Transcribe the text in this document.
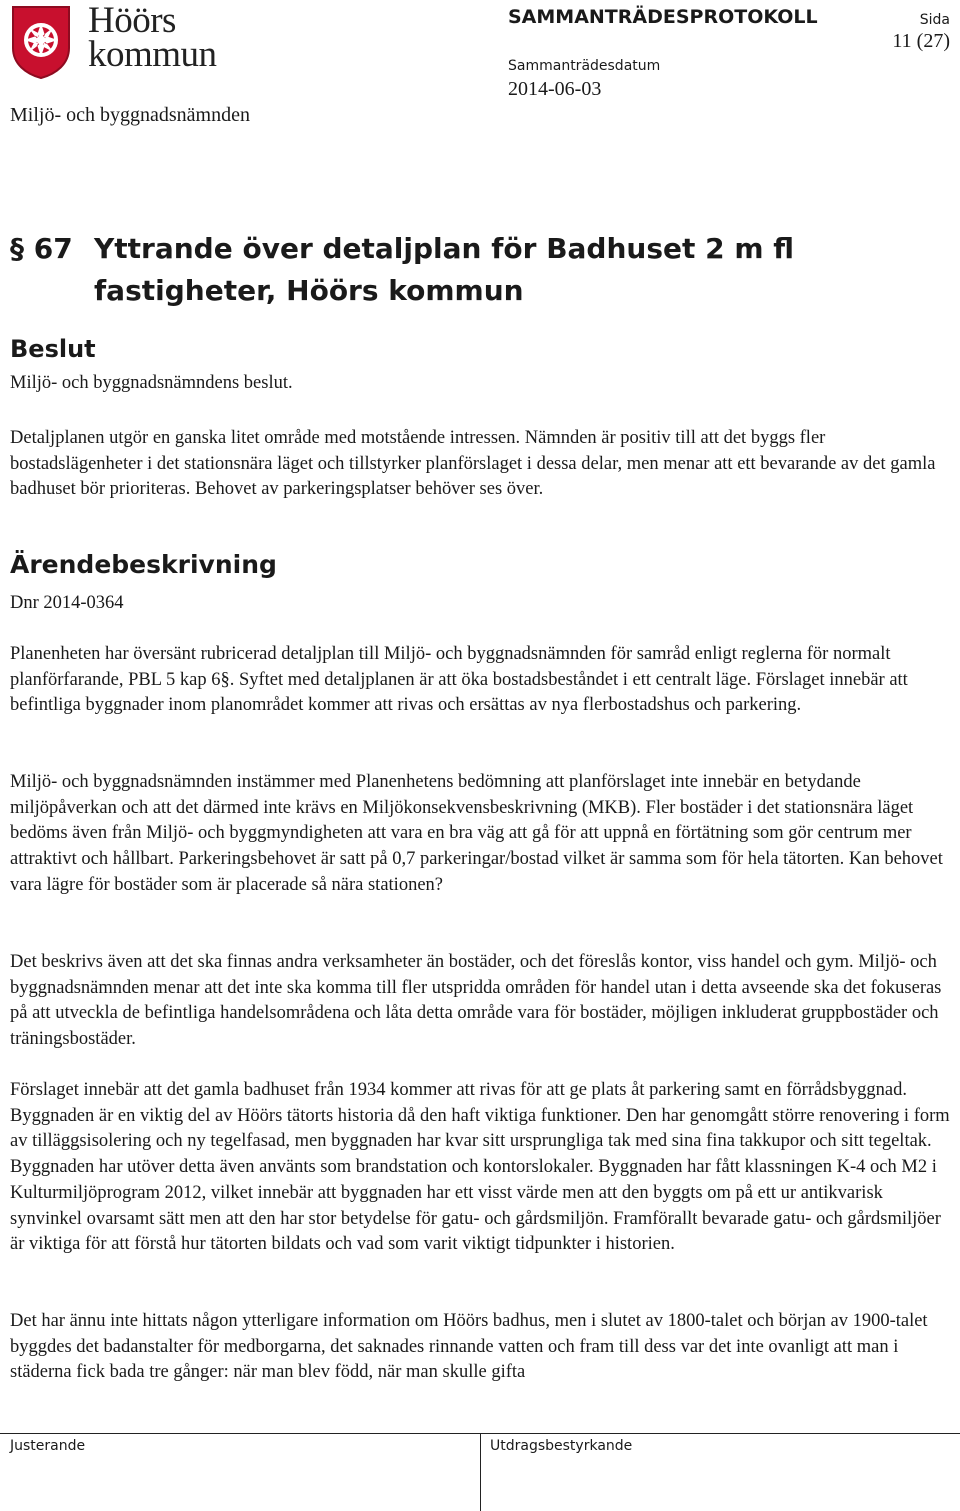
Höörs
kommun
SAMMANTRÄDESPROTOKOLL	Sida
11 (27)
Sammanträdesdatum
2014-06-03
Miljö- och byggnadsnämnden
§ 67 Yttrande över detaljplan för Badhuset 2 m fl fastigheter, Höörs kommun
Beslut

Miljö- och byggnadsnämndens beslut.

Detaljplanen utgör en ganska litet område med motstående intressen. Nämnden är positiv till att det byggs fler bostadslägenheter i det stationsnära läget och tillstyrker planförslaget i dessa delar, men menar att ett bevarande av det gamla badhuset bör prioriteras. Behovet av parkeringsplatser behöver ses över.

Ärendebeskrivning

Dnr 2014-0364

Planenheten har översänt rubricerad detaljplan till Miljö- och byggnadsnämnden för samråd enligt reglerna för normalt planförfarande, PBL 5 kap 6§. Syftet med detaljplanen är att öka bostadsbeståndet i ett centralt läge. Förslaget innebär att befintliga byggnader inom planområdet kommer att rivas och ersättas av nya flerbostadshus och parkering.

Miljö- och byggnadsnämnden instämmer med Planenhetens bedömning att planförslaget inte innebär en betydande miljöpåverkan och att det därmed inte krävs en Miljökonsekvensbeskrivning (MKB). Fler bostäder i det stationsnära läget bedöms även från Miljö- och byggmyndigheten att vara en bra väg att gå för att uppnå en förtätning som gör centrum mer attraktivt och hållbart. Parkeringsbehovet är satt på 0,7 parkeringar/bostad vilket är samma som för hela tätorten. Kan behovet vara lägre för bostäder som är placerade så nära stationen?

Det beskrivs även att det ska finnas andra verksamheter än bostäder, och det föreslås kontor, viss handel och gym. Miljö- och byggnadsnämnden menar att det inte ska komma till fler utspridda områden för handel utan i detta avseende ska det fokuseras på att utveckla de befintliga handelsområdena och låta detta område vara för bostäder, möjligen inkluderat gruppbostäder och träningsbostäder.

Förslaget innebär att det gamla badhuset från 1934 kommer att rivas för att ge plats åt parkering samt en förrådsbyggnad. Byggnaden är en viktig del av Höörs tätorts historia då den haft viktiga funktioner. Den har genomgått större renovering i form av tilläggsisolering och ny tegelfasad, men byggnaden har kvar sitt ursprungliga tak med sina fina takkupor och sitt tegeltak. Byggnaden har utöver detta även använts som brandstation och kontorslokaler. Byggnaden har fått klassningen K-4 och M2 i Kulturmiljöprogram 2012, vilket innebär att byggnaden har ett visst värde men att den byggts om på ett ur antikvarisk synvinkel ovarsamt sätt men att den har stor betydelse för gatu- och gårdsmiljön. Framförallt bevarade gatu- och gårdsmiljöer är viktiga för att förstå hur tätorten bildats och vad som varit viktigt tidpunkter i historien.

Det har ännu inte hittats någon ytterligare information om Höörs badhus, men i slutet av 1800-talet och början av 1900-talet byggdes det badanstalter för medborgarna, det saknades rinnande vatten och fram till dess var det inte ovanligt att man i städerna fick bada tre gånger: när man blev född, när man skulle gifta

Justerande	Utdragsbestyrkande
